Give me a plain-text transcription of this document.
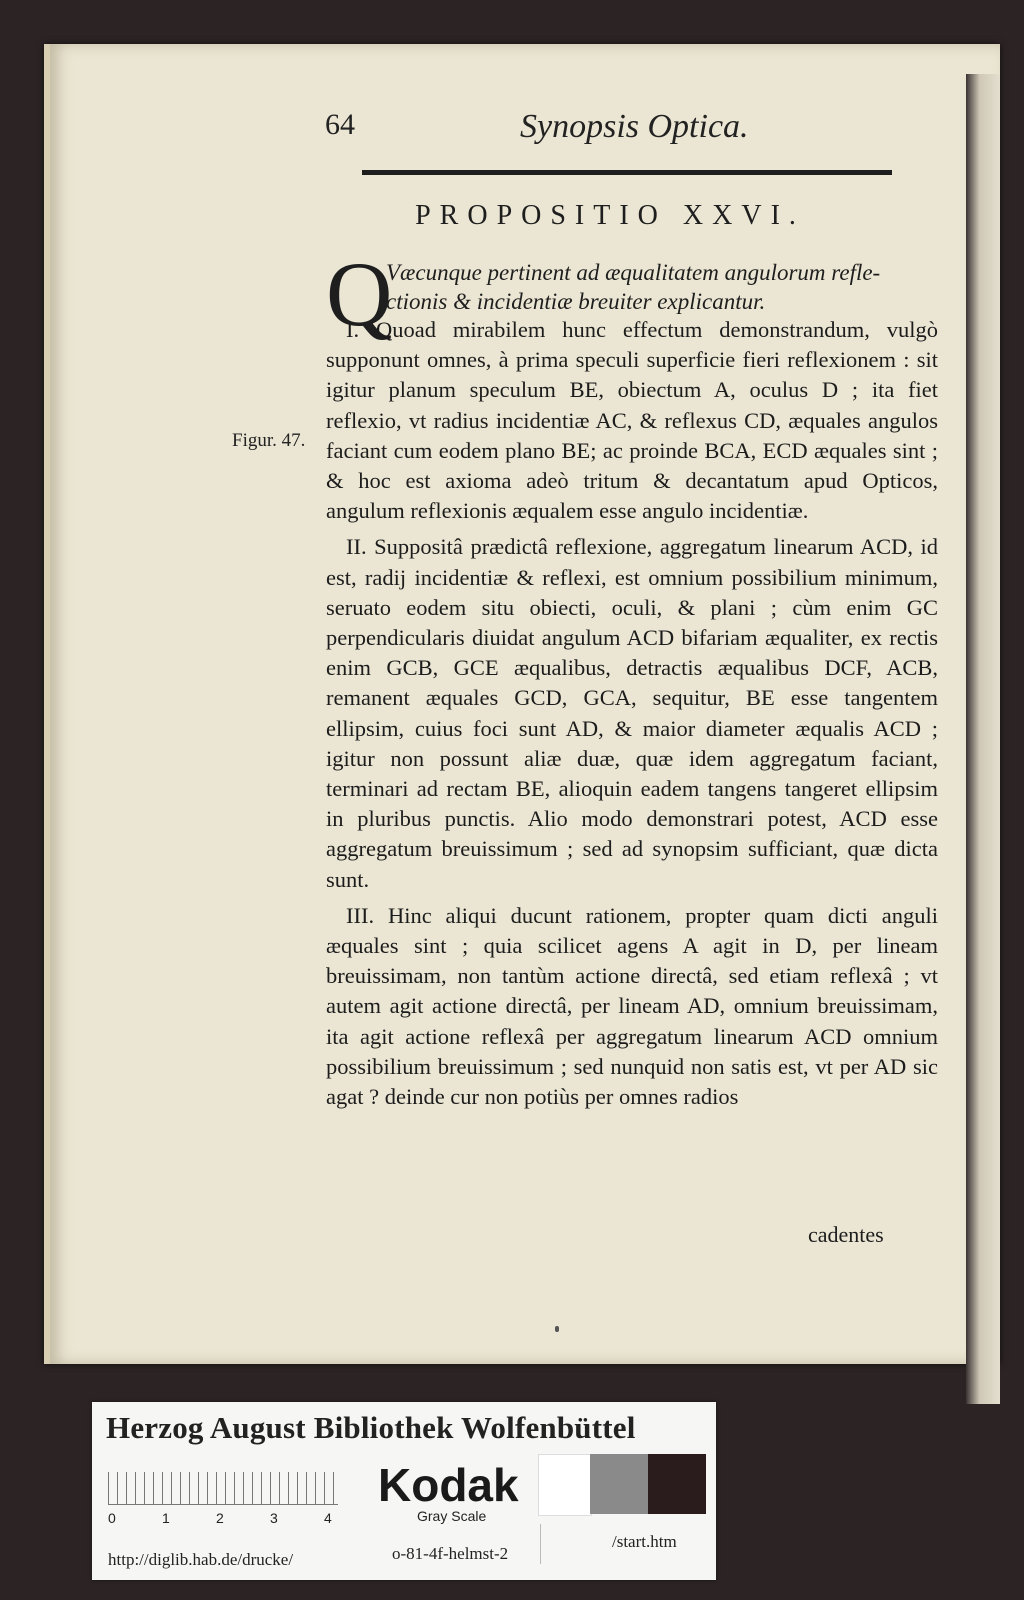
64	Synopsis Optica.
PROPOSITIO XXVI.
Q
Væcunque pertinent ad æqualitatem angulorum refle-ctionis & incidentiæ breuiter explicantur.
Figur. 47.

I. Quoad mirabilem hunc effectum demonstrandum, vulgò supponunt omnes, à prima speculi superficie fieri reflexionem : sit igitur planum speculum BE, obiectum A, oculus D ; ita fiet reflexio, vt radius incidentiæ AC, & reflexus CD, æquales angulos faciant cum eodem plano BE; ac proinde BCA, ECD æquales sint ; & hoc est axioma adeò tritum & decantatum apud Opticos, angulum reflexionis æqualem esse angulo incidentiæ.

II. Suppositâ prædictâ reflexione, aggregatum linearum ACD, id est, radij incidentiæ & reflexi, est omnium possibilium minimum, seruato eodem situ obiecti, oculi, & plani ; cùm enim GC perpendicularis diuidat angulum ACD bifariam æqualiter, ex rectis enim GCB, GCE æqualibus, detractis æqualibus DCF, ACB, remanent æquales GCD, GCA, sequitur, BE esse tangentem ellipsim, cuius foci sunt AD, & maior diameter æqualis ACD ; igitur non possunt aliæ duæ, quæ idem aggregatum faciant, terminari ad rectam BE, alioquin eadem tangens tangeret ellipsim in pluribus punctis. Alio modo demonstrari potest, ACD esse aggregatum breuissimum ; sed ad synopsim sufficiant, quæ dicta sunt.

III. Hinc aliqui ducunt rationem, propter quam dicti anguli æquales sint ; quia scilicet agens A agit in D, per lineam breuissimam, non tantùm actione directâ, sed etiam reflexâ ; vt autem agit actione directâ, per lineam AD, omnium breuissimam, ita agit actione reflexâ per aggregatum linearum ACD omnium possibilium breuissimum ; sed nunquid non satis est, vt per AD sic agat ? deinde cur non potiùs per omnes radios

cadentes
Herzog August Bibliothek Wolfenbüttel
0	1	2	3	4
Kodak
Gray Scale
http://diglib.hab.de/drucke/	o-81-4f-helmst-2
/start.htm
